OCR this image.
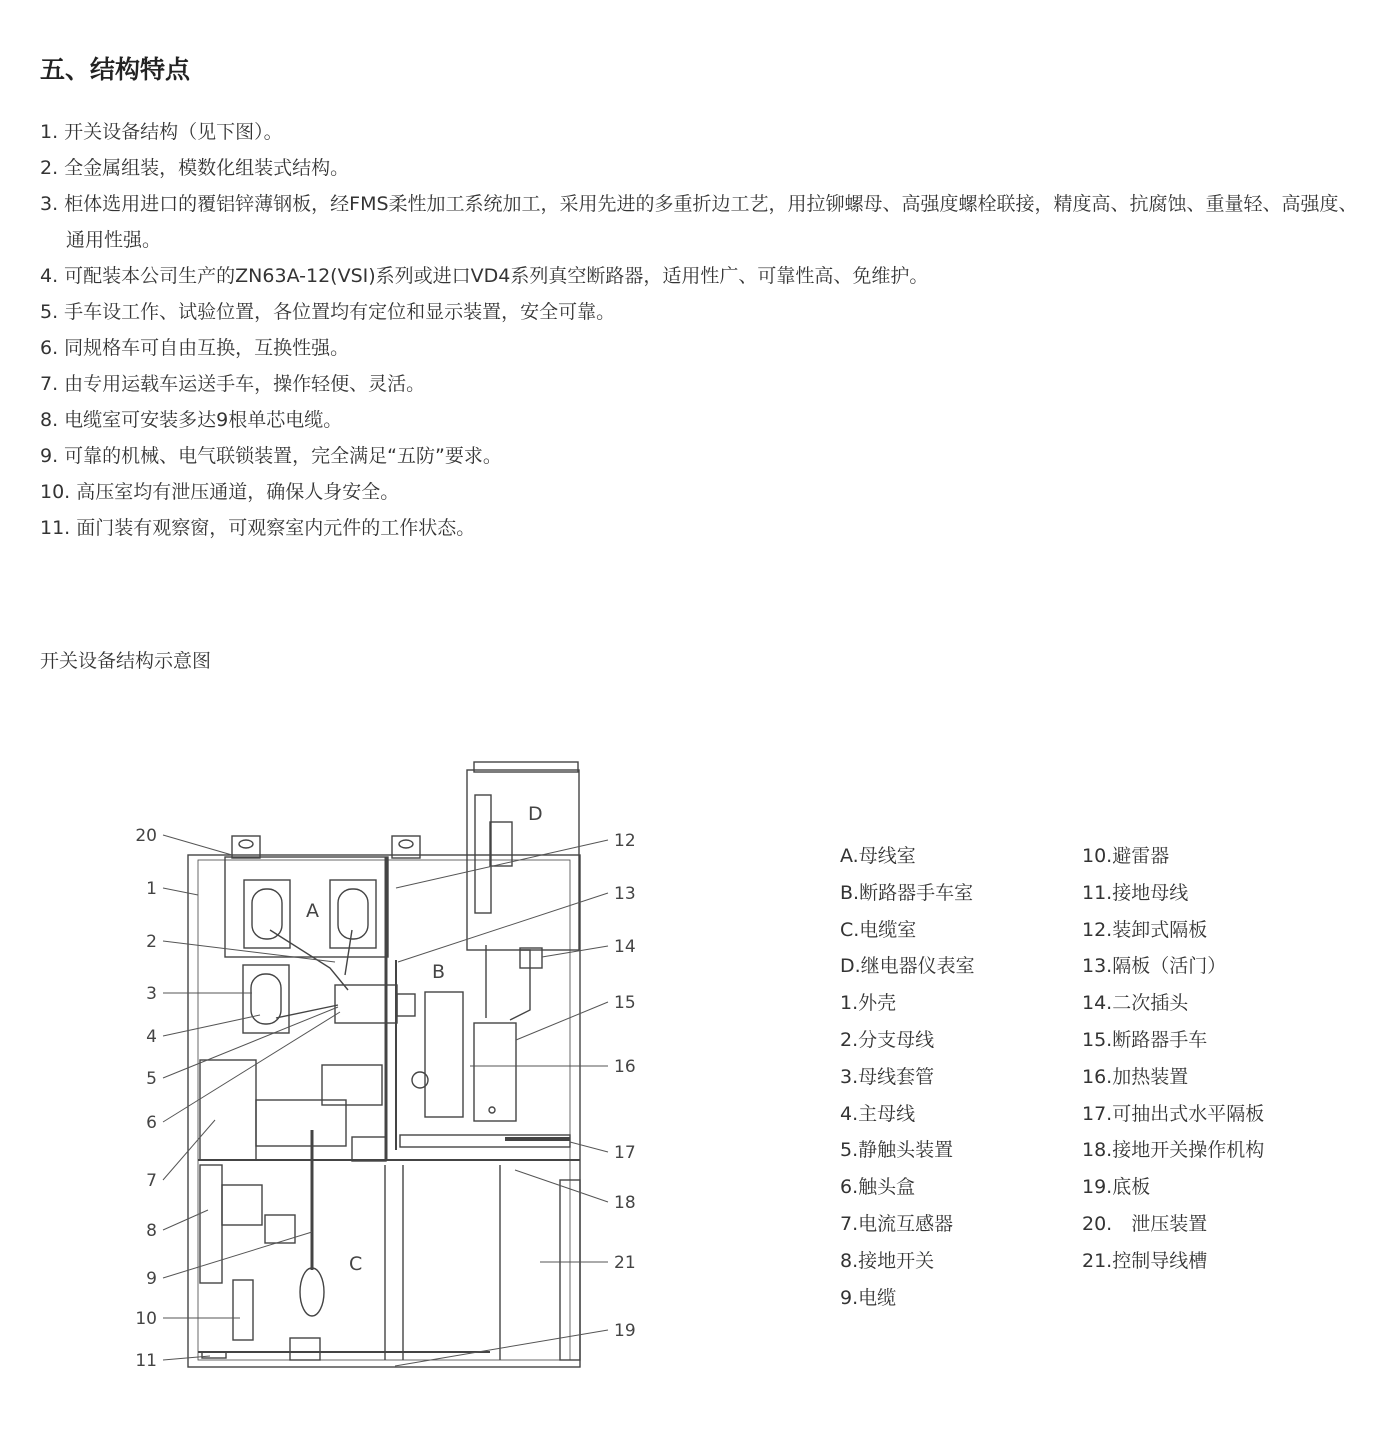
五、结构特点
1. 开关设备结构（见下图）。
2. 全金属组装，模数化组装式结构。
3. 柜体选用进口的覆铝锌薄钢板，经FMS柔性加工系统加工，采用先进的多重折边工艺，用拉铆螺母、高强度螺栓联接，精度高、抗腐蚀、重量轻、高强度、通用性强。
4. 可配装本公司生产的ZN63A-12(VSI)系列或进口VD4系列真空断路器，适用性广、可靠性高、免维护。
5. 手车设工作、试验位置，各位置均有定位和显示装置，安全可靠。
6. 同规格车可自由互换，互换性强。
7. 由专用运载车运送手车，操作轻便、灵活。
8. 电缆室可安装多达9根单芯电缆。
9. 可靠的机械、电气联锁装置，完全满足“五防”要求。
10. 高压室均有泄压通道，确保人身安全。
11. 面门装有观察窗，可观察室内元件的工作状态。
开关设备结构示意图
A
B
C
D
20
1
2
3
4
5
6
7
8
9
10
11
12
13
14
15
16
17
18
21
19
A.母线室
B.断路器手车室
C.电缆室
D.继电器仪表室
1.外壳
2.分支母线
3.母线套管
4.主母线
5.静触头装置
6.触头盒
7.电流互感器
8.接地开关
9.电缆
10.避雷器
11.接地母线
12.装卸式隔板
13.隔板（活门）
14.二次插头
15.断路器手车
16.加热装置
17.可抽出式水平隔板
18.接地开关操作机构
19.底板
20.　泄压装置
21.控制导线槽
